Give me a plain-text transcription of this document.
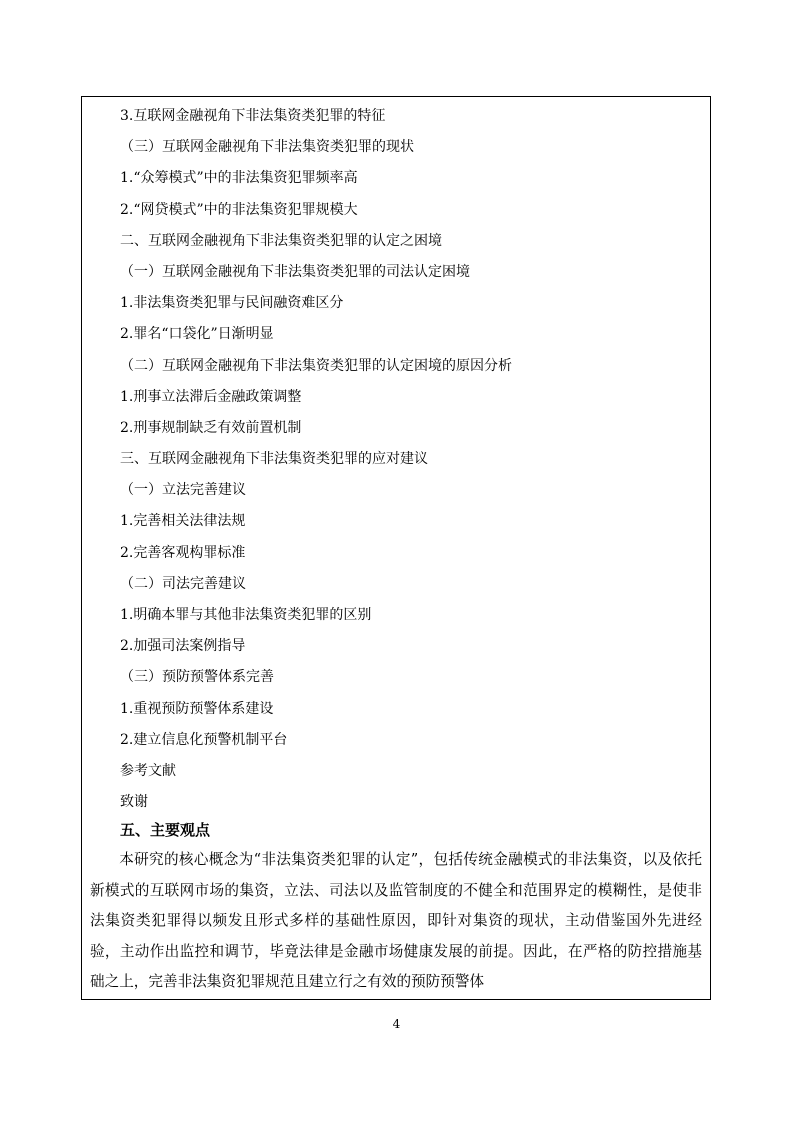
3.互联网金融视角下非法集资类犯罪的特征
（三）互联网金融视角下非法集资类犯罪的现状
1.“众筹模式”中的非法集资犯罪频率高
2.“网贷模式”中的非法集资犯罪规模大
二、互联网金融视角下非法集资类犯罪的认定之困境
（一）互联网金融视角下非法集资类犯罪的司法认定困境
1.非法集资类犯罪与民间融资难区分
2.罪名“口袋化”日渐明显
（二）互联网金融视角下非法集资类犯罪的认定困境的原因分析
1.刑事立法滞后金融政策调整
2.刑事规制缺乏有效前置机制
三、互联网金融视角下非法集资类犯罪的应对建议
（一）立法完善建议
1.完善相关法律法规
2.完善客观构罪标准
（二）司法完善建议
1.明确本罪与其他非法集资类犯罪的区别
2.加强司法案例指导
（三）预防预警体系完善
1.重视预防预警体系建设
2.建立信息化预警机制平台
参考文献
致谢
五、主要观点

本研究的核心概念为“非法集资类犯罪的认定”，包括传统金融模式的非法集资，以及依托新模式的互联网市场的集资，立法、司法以及监管制度的不健全和范围界定的模糊性，是使非法集资类犯罪得以频发且形式多样的基础性原因，即针对集资的现状，主动借鉴国外先进经验，主动作出监控和调节，毕竟法律是金融市场健康发展的前提。因此，在严格的防控措施基础之上，完善非法集资犯罪规范且建立行之有效的预防预警体

4
